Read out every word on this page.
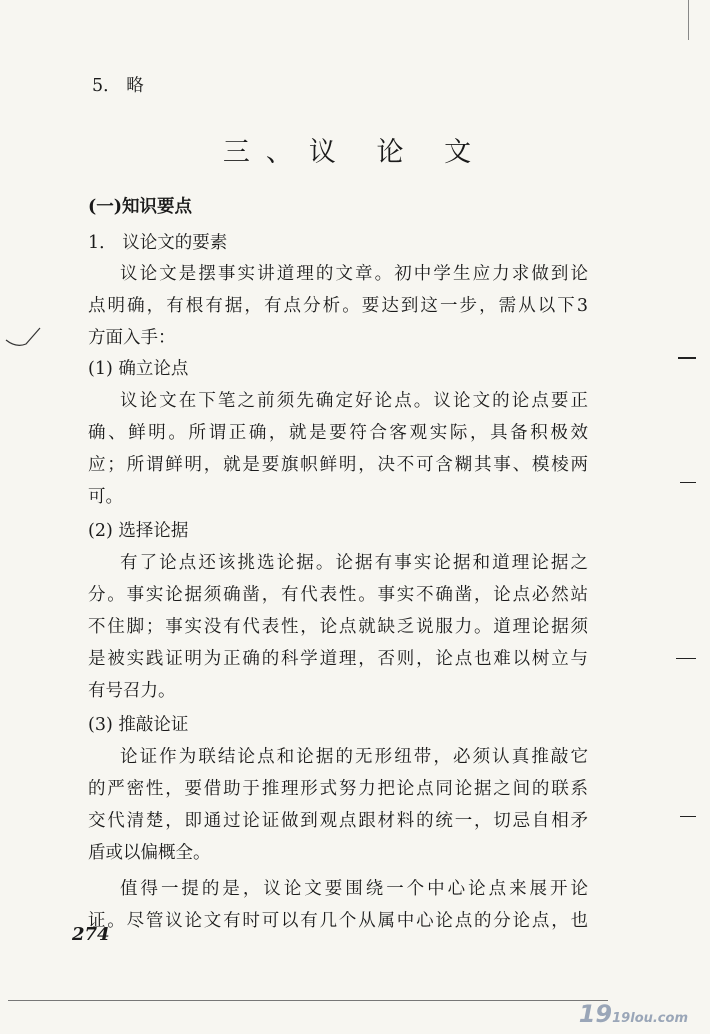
5． 略
三、议 论 文
(一)知识要点
1． 议论文的要素
议论文是摆事实讲道理的文章。初中学生应力求做到论
点明确，有根有据，有点分析。要达到这一步，需从以下3
方面入手：
(1) 确立论点
议论文在下笔之前须先确定好论点。议论文的论点要正
确、鲜明。所谓正确，就是要符合客观实际，具备积极效
应；所谓鲜明，就是要旗帜鲜明，决不可含糊其事、模棱两
可。
(2) 选择论据
有了论点还该挑选论据。论据有事实论据和道理论据之
分。事实论据须确凿，有代表性。事实不确凿，论点必然站
不住脚；事实没有代表性，论点就缺乏说服力。道理论据须
是被实践证明为正确的科学道理，否则，论点也难以树立与
有号召力。
(3) 推敲论证
论证作为联结论点和论据的无形纽带，必须认真推敲它
的严密性，要借助于推理形式努力把论点同论据之间的联系
交代清楚，即通过论证做到观点跟材料的统一，切忌自相矛
盾或以偏概全。
值得一提的是，议论文要围绕一个中心论点来展开论
证。尽管议论文有时可以有几个从属中心论点的分论点，也
274
1919lou.com
